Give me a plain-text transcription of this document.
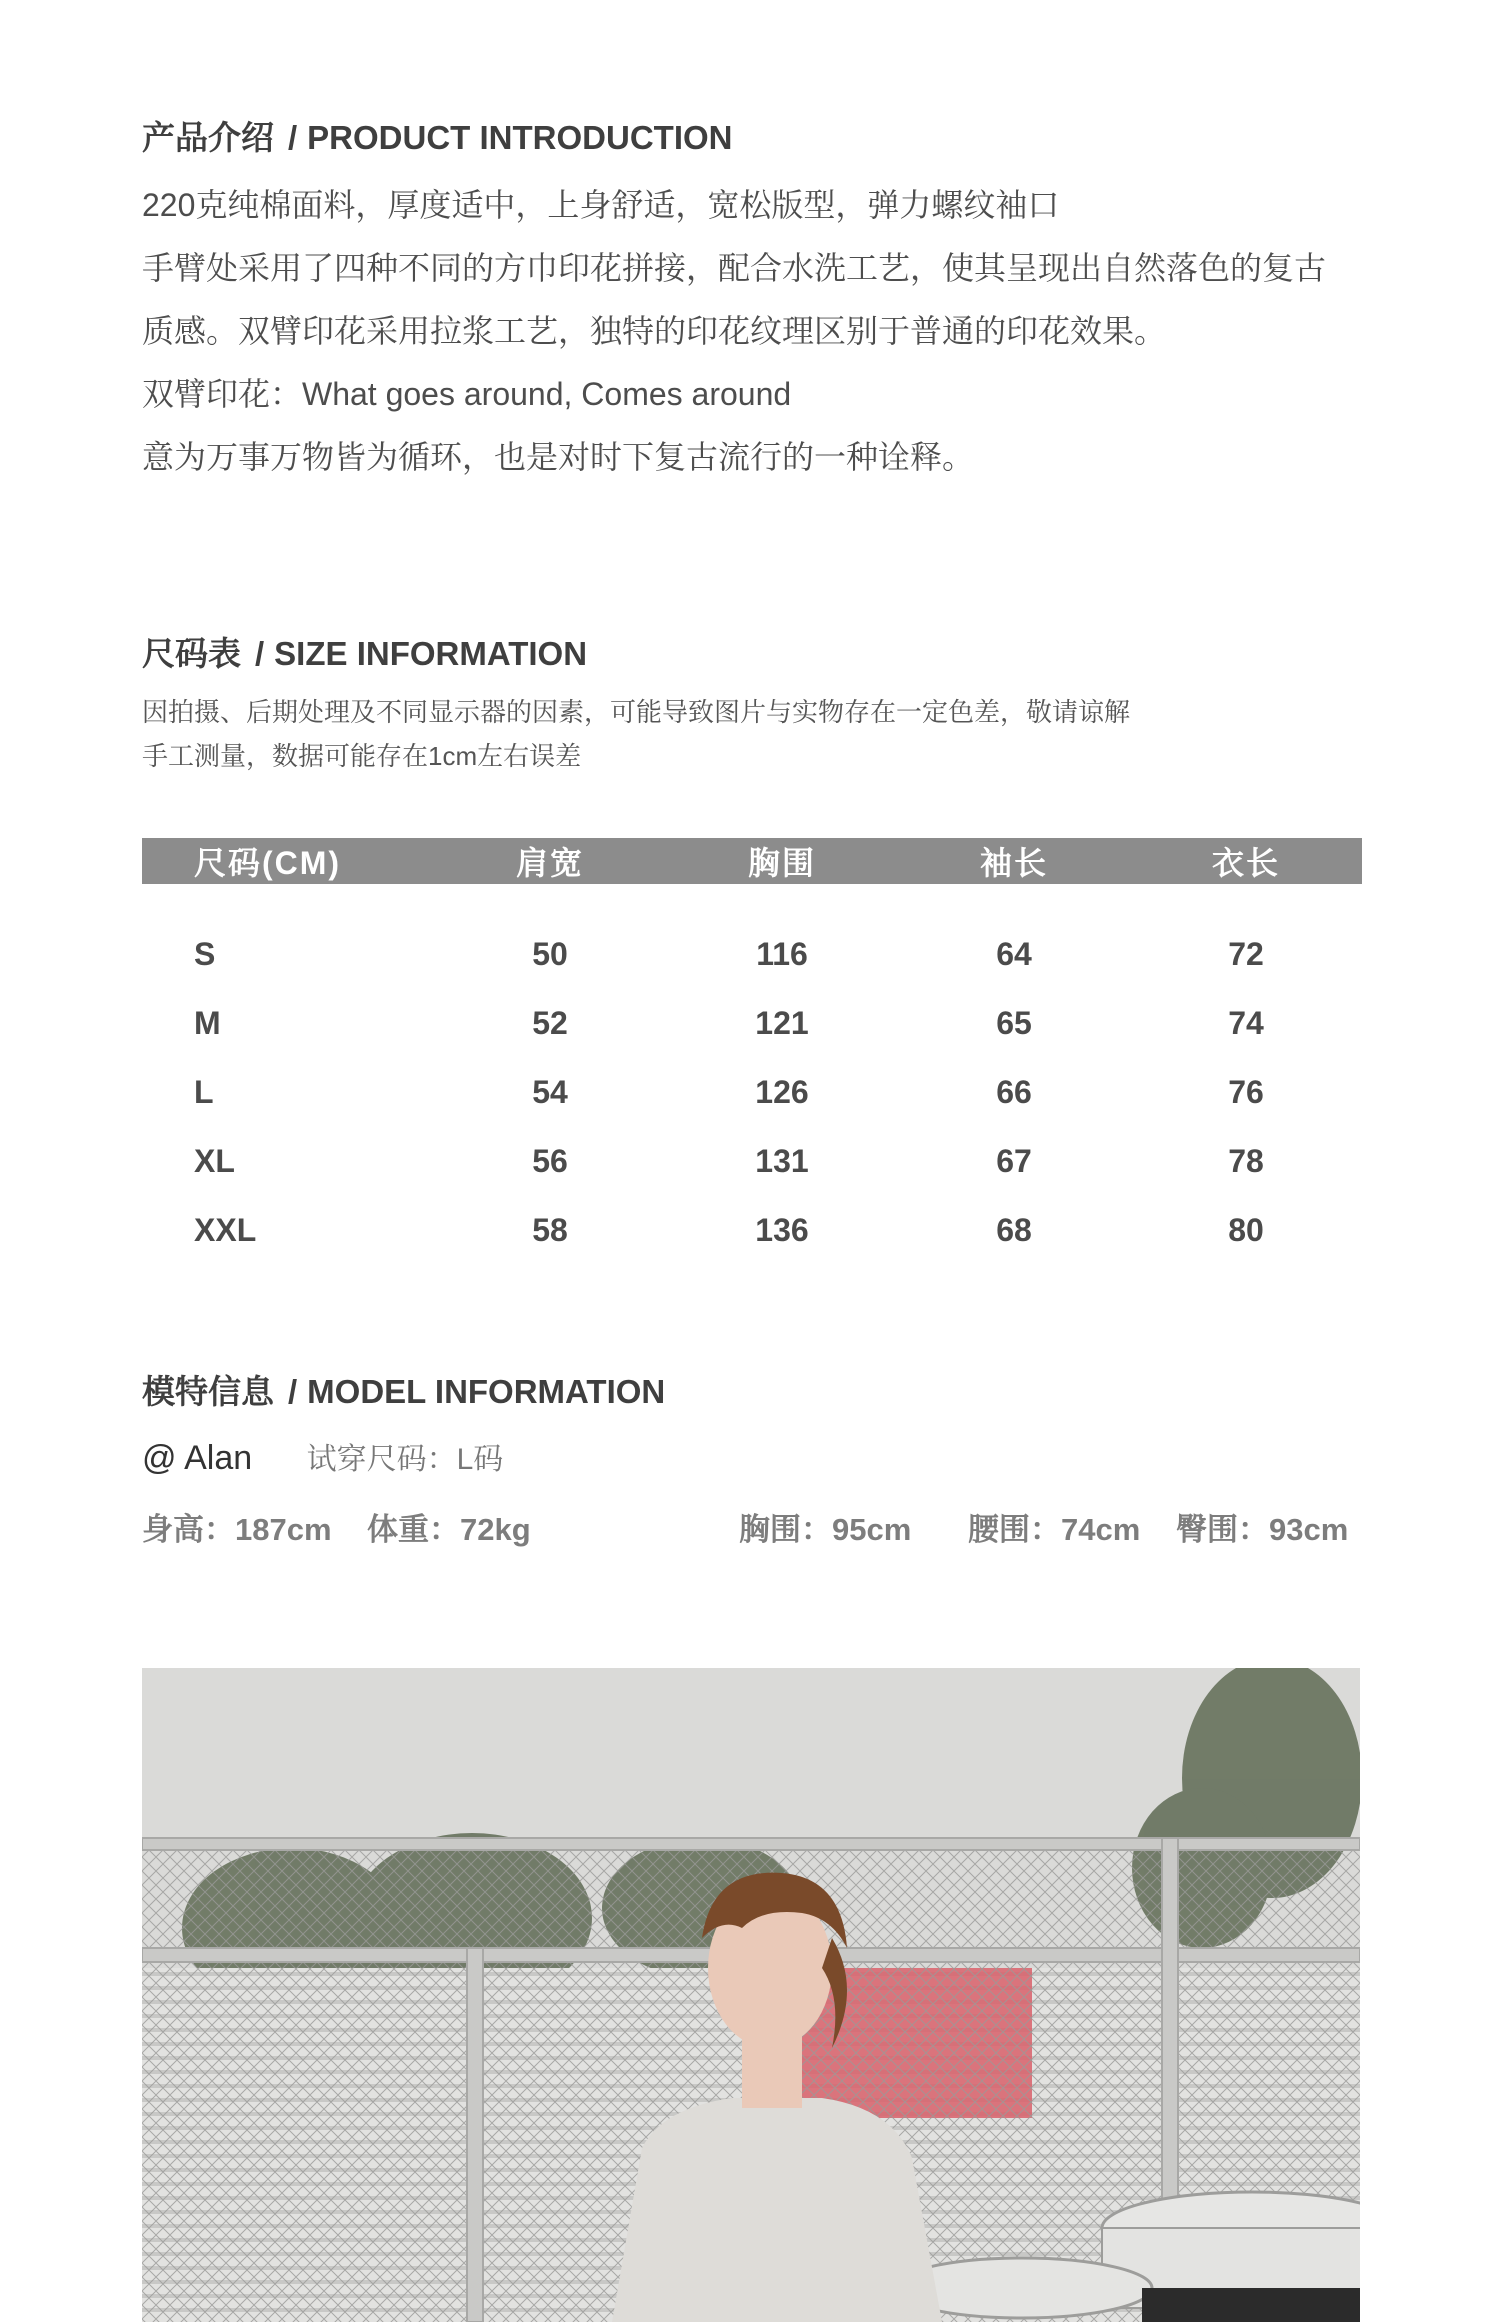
产品介绍 / PRODUCT INTRODUCTION
220克纯棉面料，厚度适中，上身舒适，宽松版型，弹力螺纹袖口
手臂处采用了四种不同的方巾印花拼接，配合水洗工艺，使其呈现出自然落色的复古
质感。双臂印花采用拉浆工艺，独特的印花纹理区别于普通的印花效果。
双臂印花：What goes around, Comes around
意为万事万物皆为循环，也是对时下复古流行的一种诠释。
尺码表 / SIZE INFORMATION
因拍摄、后期处理及不同显示器的因素，可能导致图片与实物存在一定色差，敬请谅解
手工测量，数据可能存在1cm左右误差
尺码(CM)	肩宽	胸围	袖长	衣长
S	50	116	64	72
M	52	121	65	74
L	54	126	66	76
XL	56	131	67	78
XXL	58	136	68	80
模特信息 / MODEL INFORMATION
@ Alan 试穿尺码：L码
身高：187cm 体重：72kg	胸围：95cm 腰围：74cm 臀围：93cm
